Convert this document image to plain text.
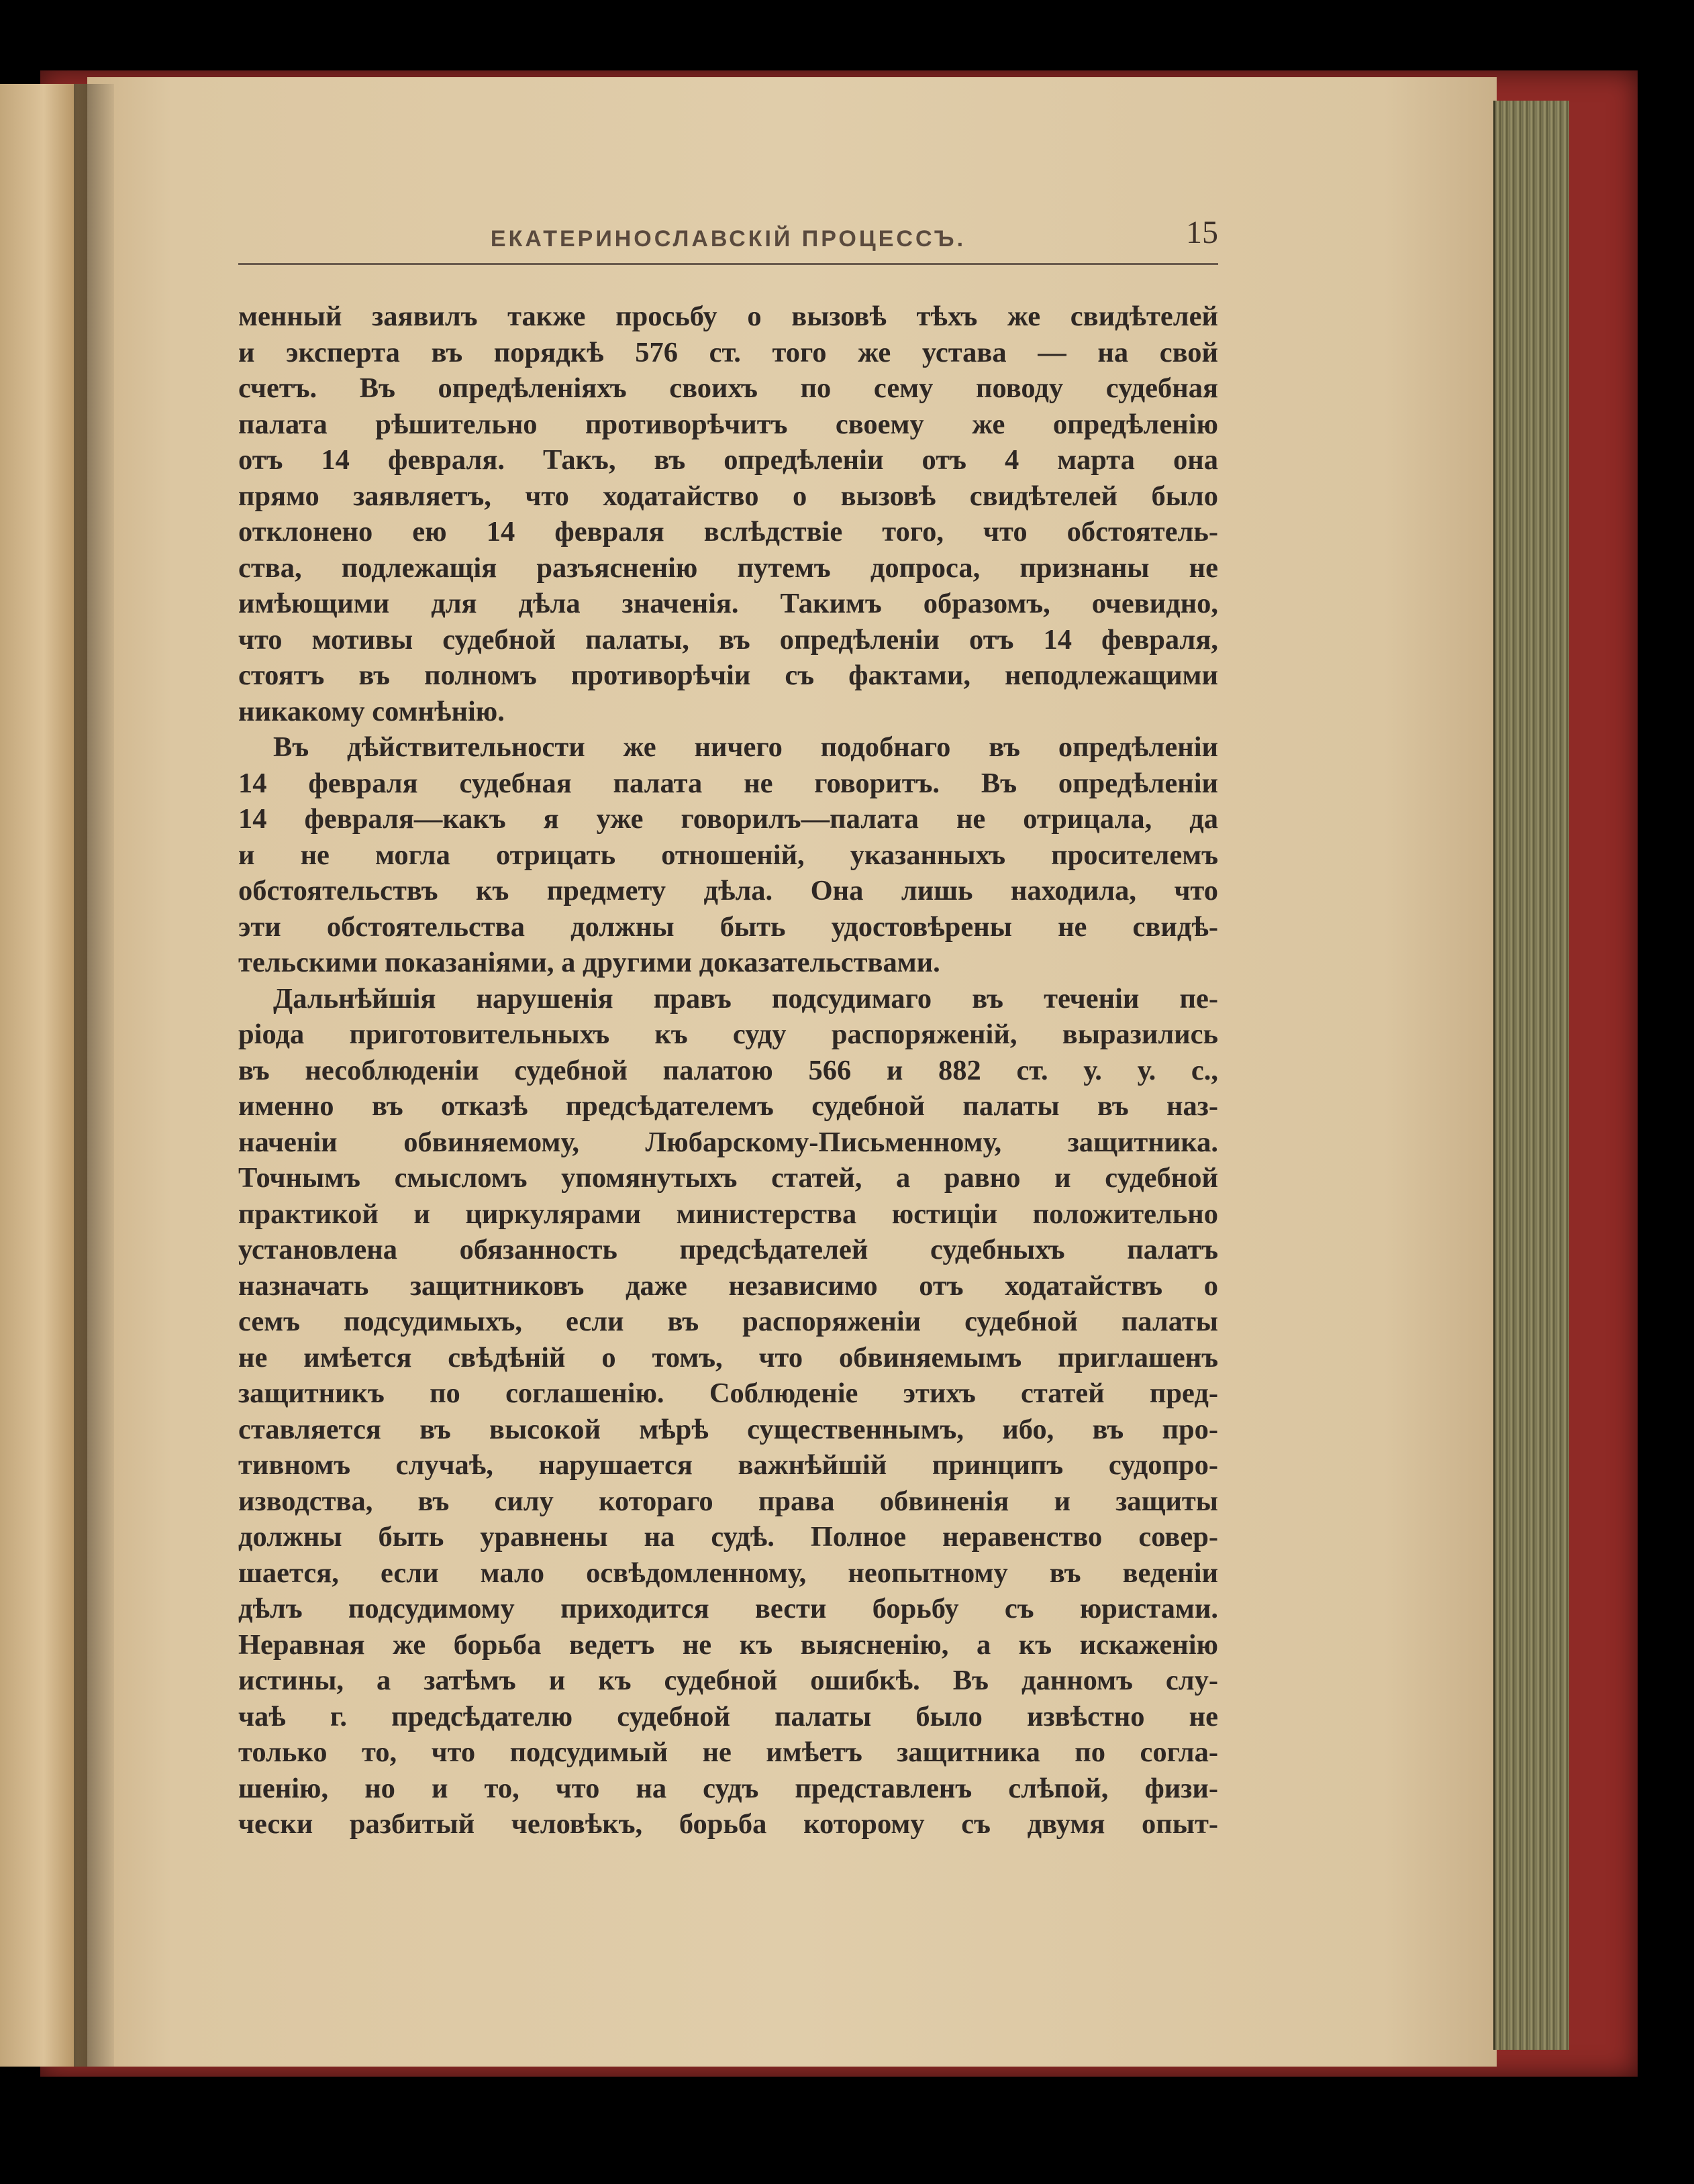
ЕКАТЕРИНОСЛАВСКІЙ ПРОЦЕССЪ.	15
менный заявилъ также просьбу о вызовѣ тѣхъ же свидѣтелей
и эксперта въ порядкѣ 576 ст. того же устава — на свой
счетъ. Въ опредѣленіяхъ своихъ по сему поводу судебная
палата рѣшительно противорѣчитъ своему же опредѣленію
отъ 14 февраля. Такъ, въ опредѣленіи отъ 4 марта она
прямо заявляетъ, что ходатайство о вызовѣ свидѣтелей было
отклонено ею 14 февраля вслѣдствіе того, что обстоятель-
ства, подлежащія разъясненію путемъ допроса, признаны не
имѣющими для дѣла значенія. Такимъ образомъ, очевидно,
что мотивы судебной палаты, въ опредѣленіи отъ 14 февраля,
стоятъ въ полномъ противорѣчіи съ фактами, неподлежащими
никакому сомнѣнію.
Въ дѣйствительности же ничего подобнаго въ опредѣленіи
14 февраля судебная палата не говоритъ. Въ опредѣленіи
14 февраля—какъ я уже говорилъ—палата не отрицала, да
и не могла отрицать отношеній, указанныхъ просителемъ
обстоятельствъ къ предмету дѣла. Она лишь находила, что
эти обстоятельства должны быть удостовѣрены не свидѣ-
тельскими показаніями, а другими доказательствами.
Дальнѣйшія нарушенія правъ подсудимаго въ теченіи пе-
ріода приготовительныхъ къ суду распоряженій, выразились
въ несоблюденіи судебной палатою 566 и 882 ст. у. у. с.,
именно въ отказѣ предсѣдателемъ судебной палаты въ наз-
наченіи обвиняемому, Любарскому-Письменному, защитника.
Точнымъ смысломъ упомянутыхъ статей, а равно и судебной
практикой и циркулярами министерства юстиціи положительно
установлена обязанность предсѣдателей судебныхъ палатъ
назначать защитниковъ даже независимо отъ ходатайствъ о
семъ подсудимыхъ, если въ распоряженіи судебной палаты
не имѣется свѣдѣній о томъ, что обвиняемымъ приглашенъ
защитникъ по соглашенію. Соблюденіе этихъ статей пред-
ставляется въ высокой мѣрѣ существеннымъ, ибо, въ про-
тивномъ случаѣ, нарушается важнѣйшій принципъ судопро-
изводства, въ силу котораго права обвиненія и защиты
должны быть уравнены на судѣ. Полное неравенство совер-
шается, если мало освѣдомленному, неопытному въ веденіи
дѣлъ подсудимому приходится вести борьбу съ юристами.
Неравная же борьба ведетъ не къ выясненію, а къ искаженію
истины, а затѣмъ и къ судебной ошибкѣ. Въ данномъ слу-
чаѣ г. предсѣдателю судебной палаты было извѣстно не
только то, что подсудимый не имѣетъ защитника по согла-
шенію, но и то, что на судъ представленъ слѣпой, физи-
чески разбитый человѣкъ, борьба которому съ двумя опыт-
